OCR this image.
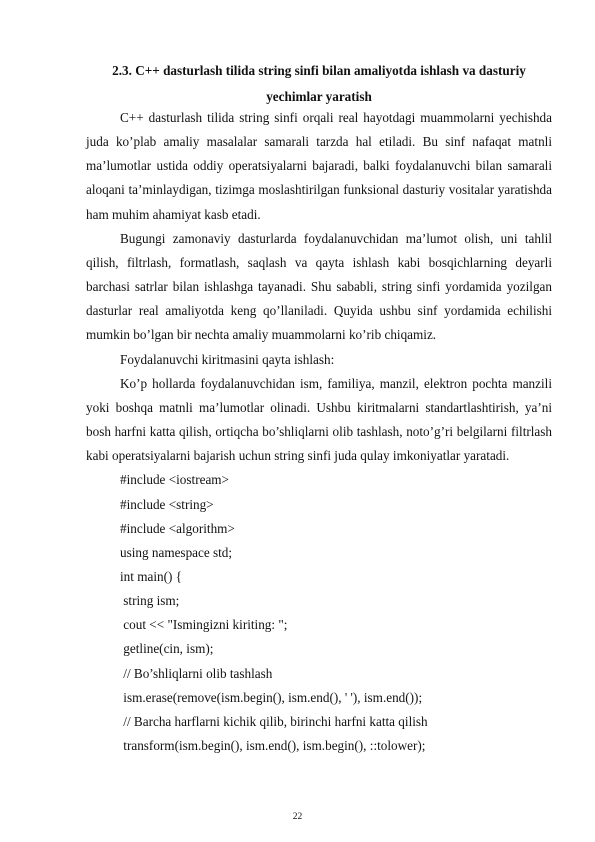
2.3. C++ dasturlash tilida string sinfi bilan amaliyotda ishlash va dasturiy yechimlar yaratish

C++ dasturlash tilida string sinfi orqali real hayotdagi muammolarni yechishda juda ko’plab amaliy masalalar samarali tarzda hal etiladi. Bu sinf nafaqat matnli ma’lumotlar ustida oddiy operatsiyalarni bajaradi, balki foydalanuvchi bilan samarali aloqani ta’minlaydigan, tizimga moslashtirilgan funksional dasturiy vositalar yaratishda ham muhim ahamiyat kasb etadi.

Bugungi zamonaviy dasturlarda foydalanuvchidan ma’lumot olish, uni tahlil qilish, filtrlash, formatlash, saqlash va qayta ishlash kabi bosqichlarning deyarli barchasi satrlar bilan ishlashga tayanadi. Shu sababli, string sinfi yordamida yozilgan dasturlar real amaliyotda keng qo’llaniladi. Quyida ushbu sinf yordamida echilishi mumkin bo’lgan bir nechta amaliy muammolarni ko’rib chiqamiz.

Foydalanuvchi kiritmasini qayta ishlash:

Ko’p hollarda foydalanuvchidan ism, familiya, manzil, elektron pochta manzili yoki boshqa matnli ma’lumotlar olinadi. Ushbu kiritmalarni standartlashtirish, ya’ni bosh harfni katta qilish, ortiqcha bo’shliqlarni olib tashlash, noto’g’ri belgilarni filtrlash kabi operatsiyalarni bajarish uchun string sinfi juda qulay imkoniyatlar yaratadi.

#include <iostream>

#include <string>

#include <algorithm>

using namespace std;

int main() {

string ism;

cout << "Ismingizni kiriting: ";

getline(cin, ism);

// Bo’shliqlarni olib tashlash

ism.erase(remove(ism.begin(), ism.end(), ' '), ism.end());

// Barcha harflarni kichik qilib, birinchi harfni katta qilish

transform(ism.begin(), ism.end(), ism.begin(), ::tolower);

22
